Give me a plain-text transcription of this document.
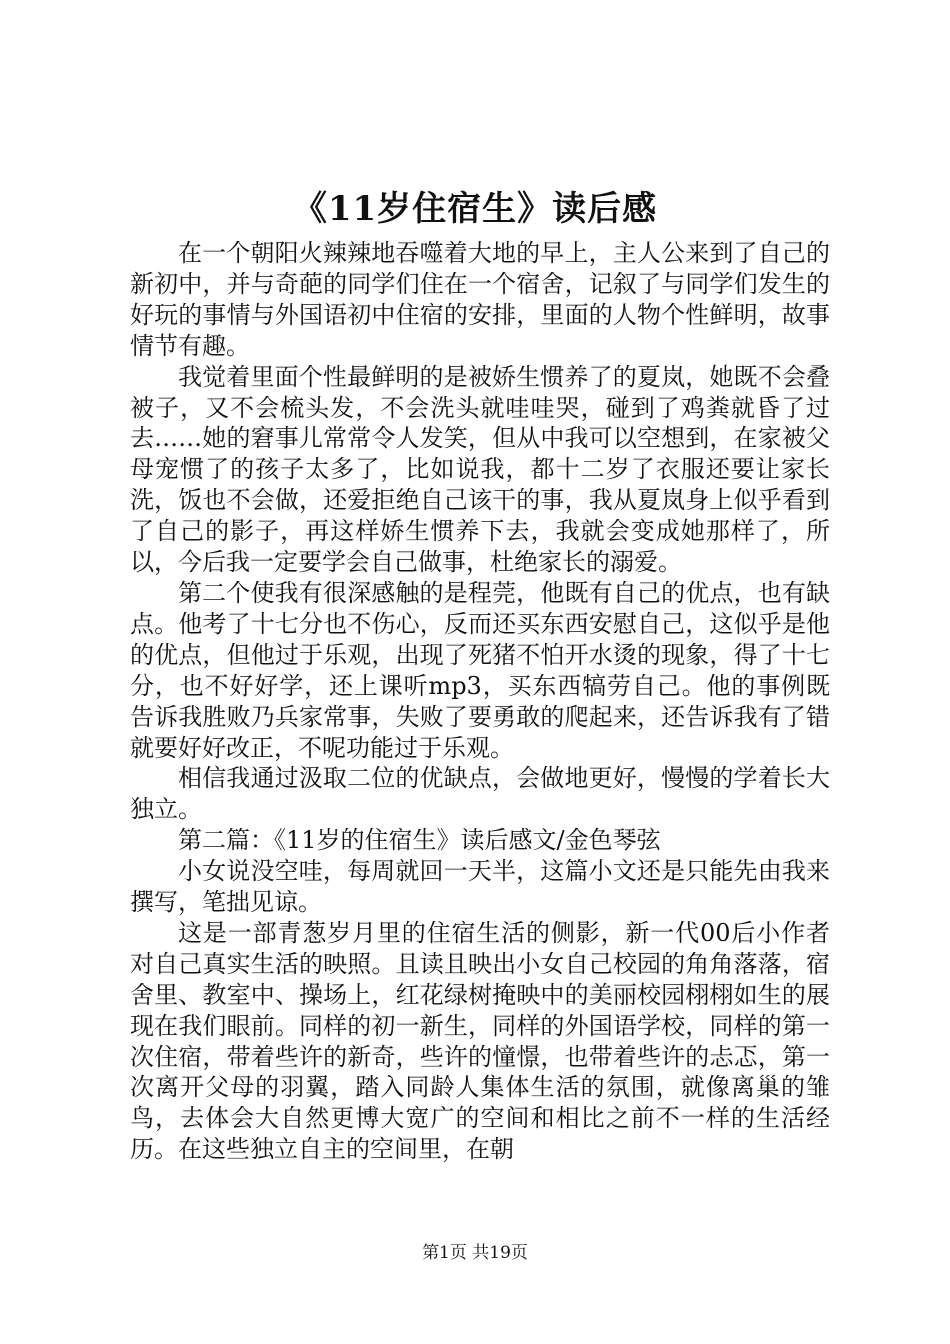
《11岁住宿生》读后感

在一个朝阳火辣辣地吞噬着大地的早上，主人公来到了自己的新初中，并与奇葩的同学们住在一个宿舍，记叙了与同学们发生的好玩的事情与外国语初中住宿的安排，里面的人物个性鲜明，故事情节有趣。

我觉着里面个性最鲜明的是被娇生惯养了的夏岚，她既不会叠被子，又不会梳头发，不会洗头就哇哇哭，碰到了鸡粪就昏了过去……她的窘事儿常常令人发笑，但从中我可以空想到，在家被父母宠惯了的孩子太多了，比如说我，都十二岁了衣服还要让家长洗，饭也不会做，还爱拒绝自己该干的事，我从夏岚身上似乎看到了自己的影子，再这样娇生惯养下去，我就会变成她那样了，所以，今后我一定要学会自己做事，杜绝家长的溺爱。

第二个使我有很深感触的是程莞，他既有自己的优点，也有缺点。他考了十七分也不伤心，反而还买东西安慰自己，这似乎是他的优点，但他过于乐观，出现了死猪不怕开水烫的现象，得了十七分，也不好好学，还上课听mp3，买东西犒劳自己。他的事例既告诉我胜败乃兵家常事，失败了要勇敢的爬起来，还告诉我有了错就要好好改正，不呢功能过于乐观。

相信我通过汲取二位的优缺点，会做地更好，慢慢的学着长大独立。

第二篇：《11岁的住宿生》读后感文/金色琴弦

小女说没空哇，每周就回一天半，这篇小文还是只能先由我来撰写，笔拙见谅。

这是一部青葱岁月里的住宿生活的侧影，新一代00后小作者对自己真实生活的映照。且读且映出小女自己校园的角角落落，宿舍里、教室中、操场上，红花绿树掩映中的美丽校园栩栩如生的展现在我们眼前。同样的初一新生，同样的外国语学校，同样的第一次住宿，带着些许的新奇，些许的憧憬，也带着些许的忐忑，第一次离开父母的羽翼，踏入同龄人集体生活的氛围，就像离巢的雏鸟，去体会大自然更博大宽广的空间和相比之前不一样的生活经历。在这些独立自主的空间里，在朝

第1页 共19页
